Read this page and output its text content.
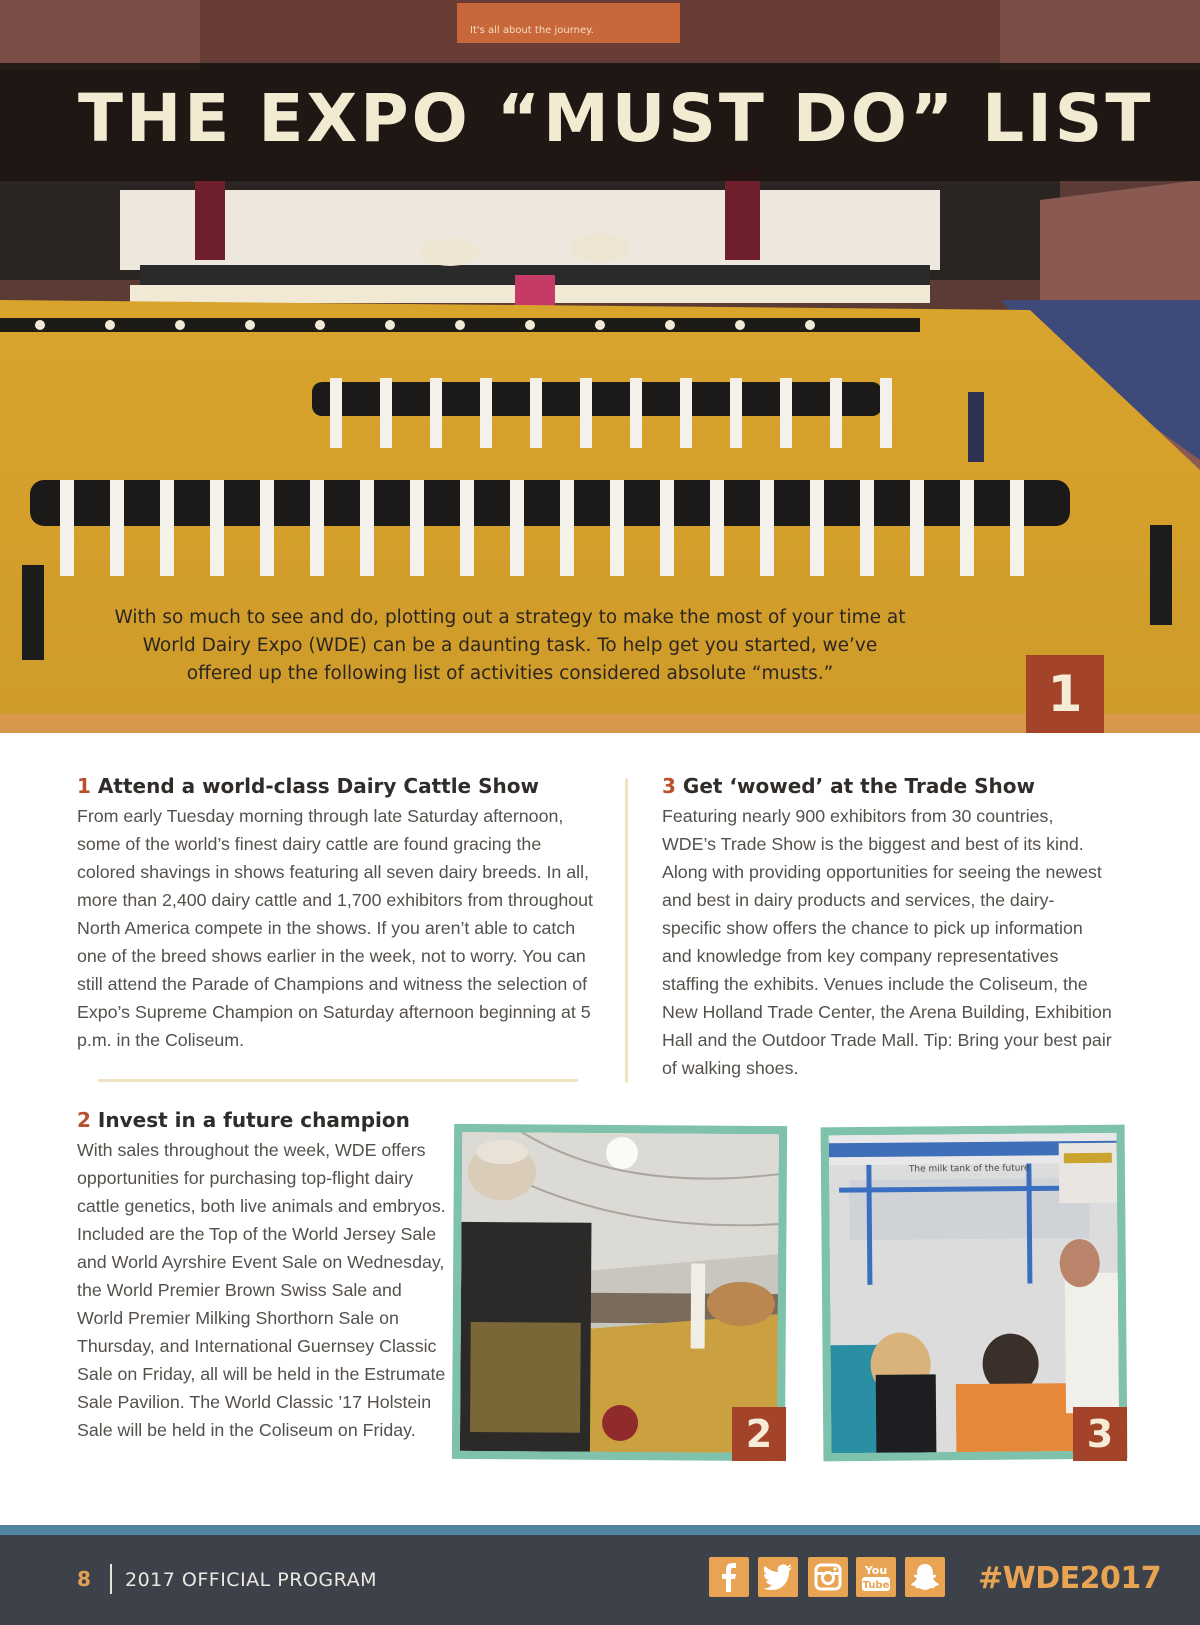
It's all about the journey.
THE EXPO “MUST DO” LIST

With so much to see and do, plotting out a strategy to make the most of your time at World Dairy Expo (WDE) can be a daunting task. To help get you started, we’ve offered up the following list of activities considered absolute “musts.”	1
1 Attend a world-class Dairy Cattle Show

From early Tuesday morning through late Saturday afternoon, some of the world’s finest dairy cattle are found gracing the colored shavings in shows featuring all seven dairy breeds. In all, more than 2,400 dairy cattle and 1,700 exhibitors from throughout North America compete in the shows. If you aren’t able to catch one of the breed shows earlier in the week, not to worry. You can still attend the Parade of Champions and witness the selection of Expo’s Supreme Champion on Saturday afternoon beginning at 5 p.m. in the Coliseum.

3 Get ‘wowed’ at the Trade Show

Featuring nearly 900 exhibitors from 30 countries, WDE’s Trade Show is the biggest and best of its kind. Along with providing opportunities for seeing the newest and best in dairy products and services, the dairy-specific show offers the chance to pick up information and knowledge from key company representatives staffing the exhibits. Venues include the Coliseum, the New Holland Trade Center, the Arena Building, Exhibition Hall and the Outdoor Trade Mall. Tip: Bring your best pair of walking shoes.

2 Invest in a future champion

With sales throughout the week, WDE offers opportunities for purchasing top-flight dairy cattle genetics, both live animals and embryos. Included are the Top of the World Jersey Sale and World Ayrshire Event Sale on Wednesday, the World Premier Brown Swiss Sale and World Premier Milking Shorthorn Sale on Thursday, and International Guernsey Classic Sale on Friday, all will be held in the Estrumate Sale Pavilion. The World Classic ’17 Holstein Sale will be held in the Coliseum on Friday.	2
The milk tank of the future
3

8 2017 OFFICIAL PROGRAM	You
Tube	#WDE2017
